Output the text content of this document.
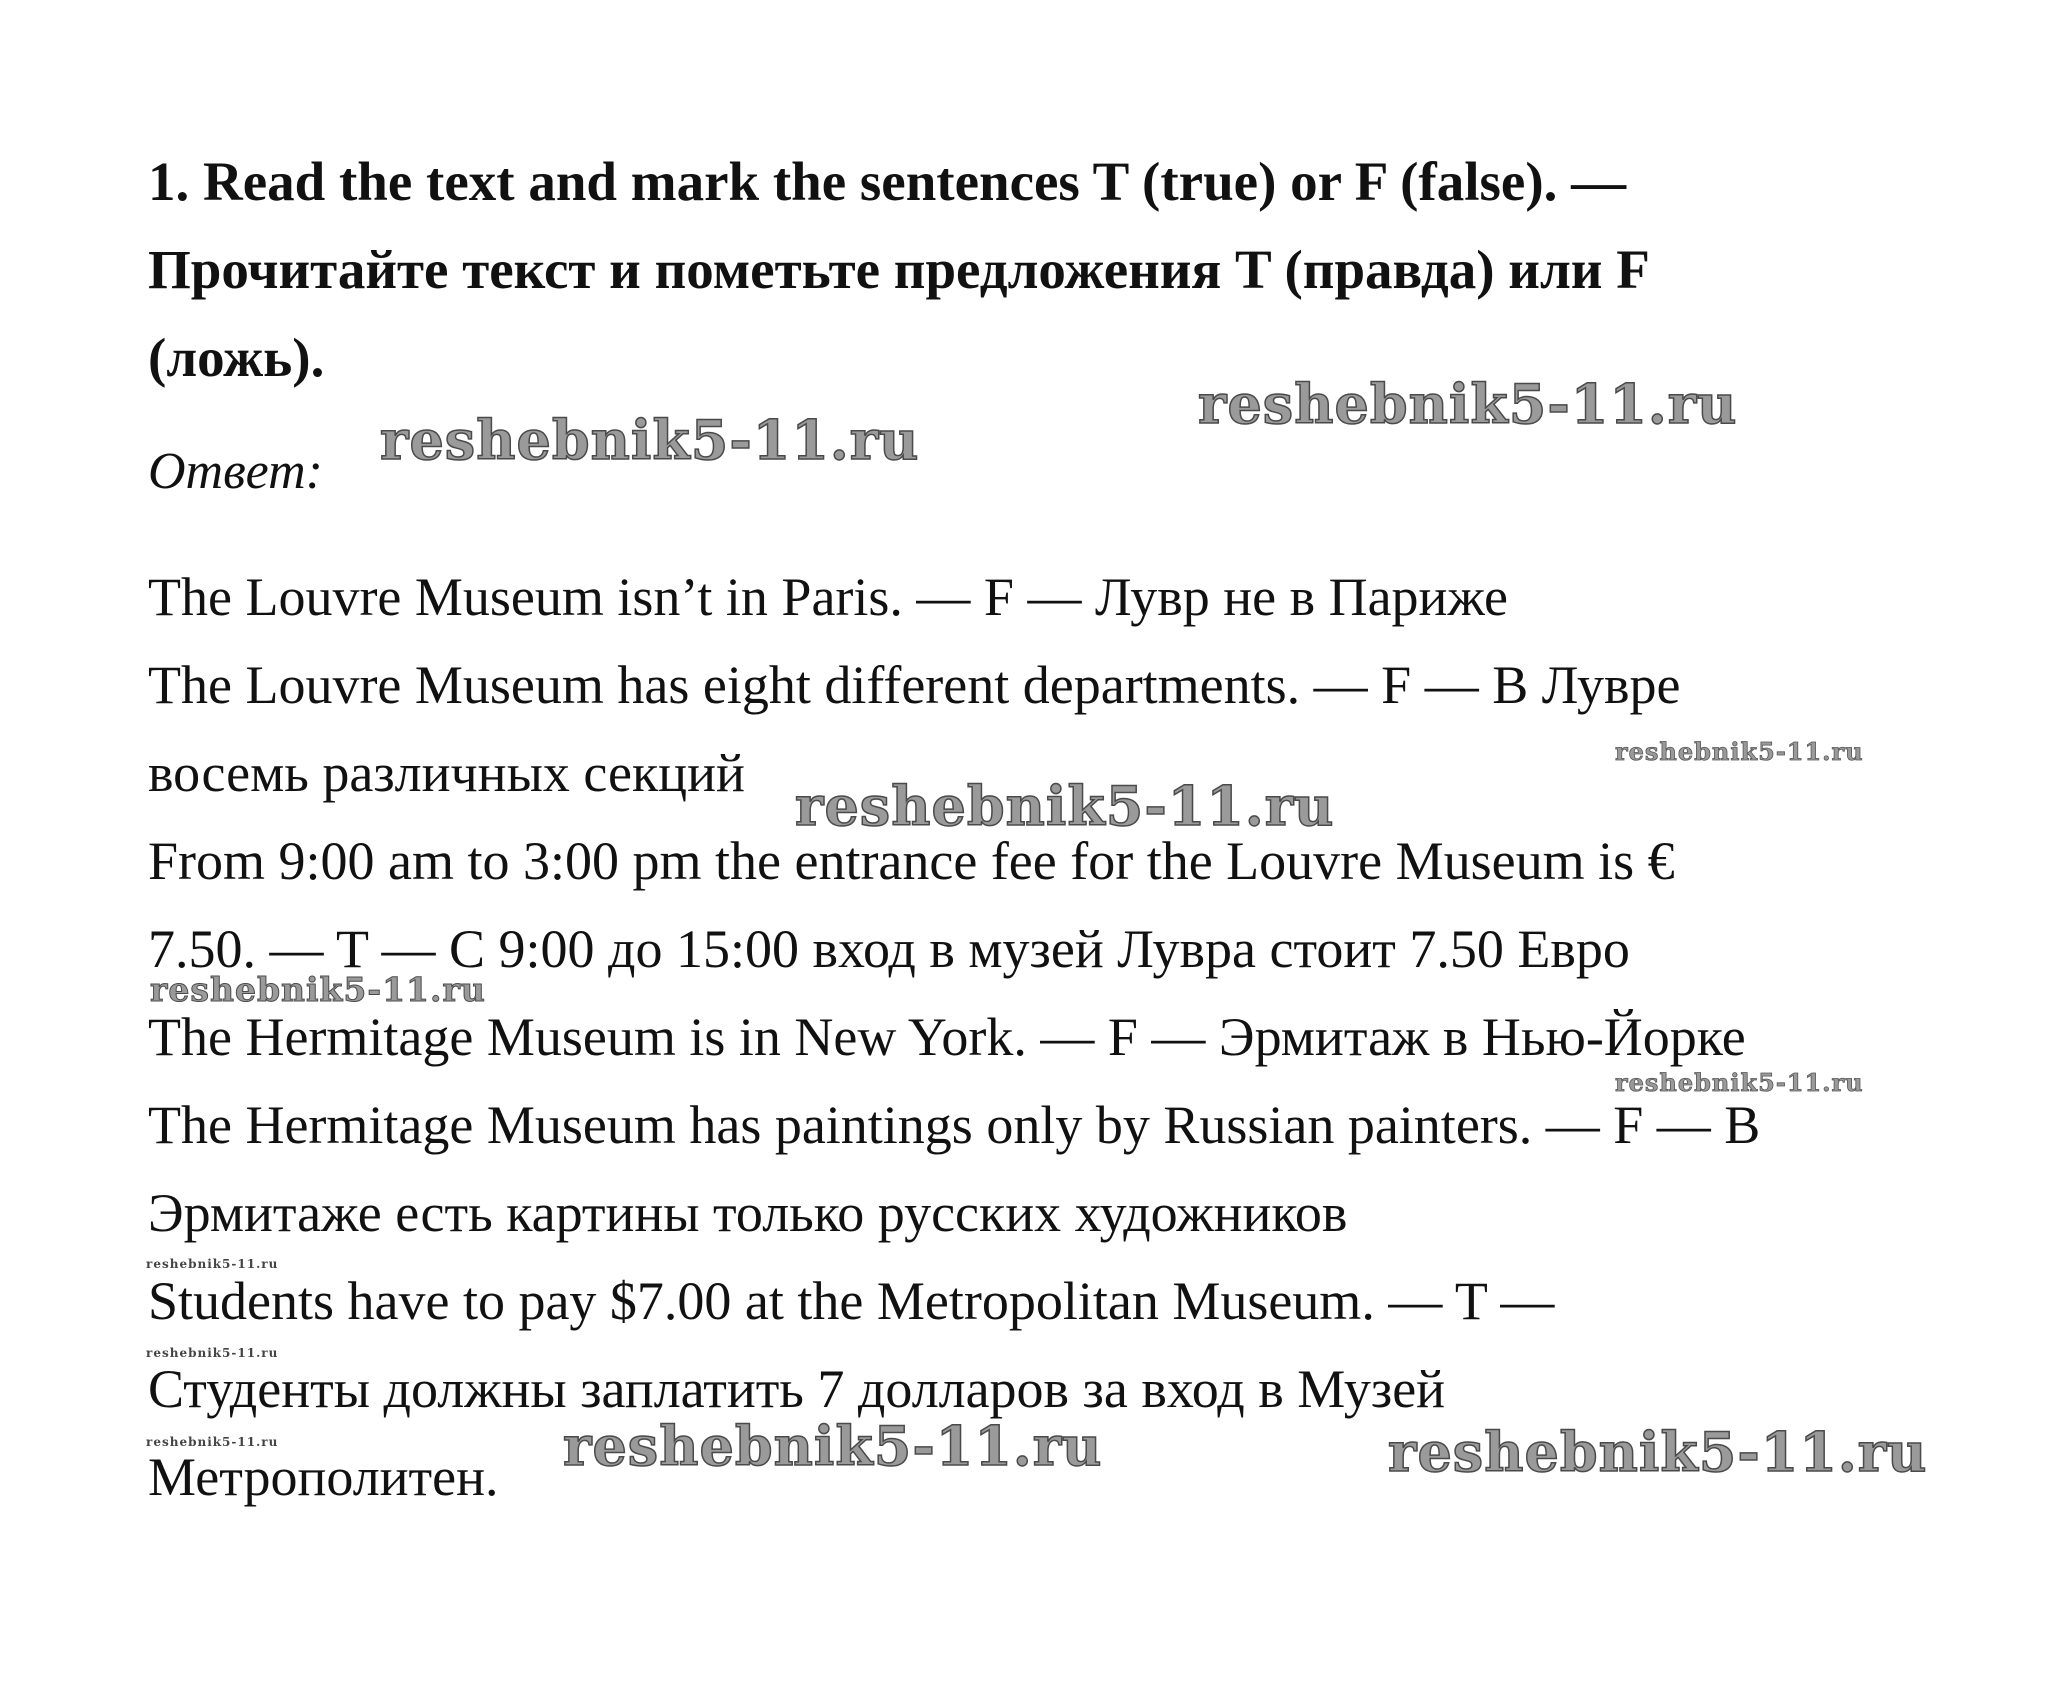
1. Read the text and mark the sentences T (true) or F (false). —
Прочитайте текст и пометьте предложения T (правда) или F
(ложь).
Ответ:
The Louvre Museum isn’t in Paris. — F — Лувр не в Париже
The Louvre Museum has eight different departments. — F — В Лувре
восемь различных секций
From 9:00 am to 3:00 pm the entrance fee for the Louvre Museum is €
7.50. — T — С 9:00 до 15:00 вход в музей Лувра стоит 7.50 Евро
The Hermitage Museum is in New York. — F — Эрмитаж в Нью-Йорке
The Hermitage Museum has paintings only by Russian painters. — F — В
Эрмитаже есть картины только русских художников
Students have to pay $7.00 at the Metropolitan Museum. — T —
Студенты должны заплатить 7 долларов за вход в Музей
Метрополитен.
reshebnik5-11.ru
reshebnik5-11.ru
reshebnik5-11.ru
reshebnik5-11.ru
reshebnik5-11.ru
reshebnik5-11.ru
reshebnik5-11.ru
reshebnik5-11.ru
reshebnik5-11.ru	reshebnik5-11.ru	reshebnik5-11.ru
